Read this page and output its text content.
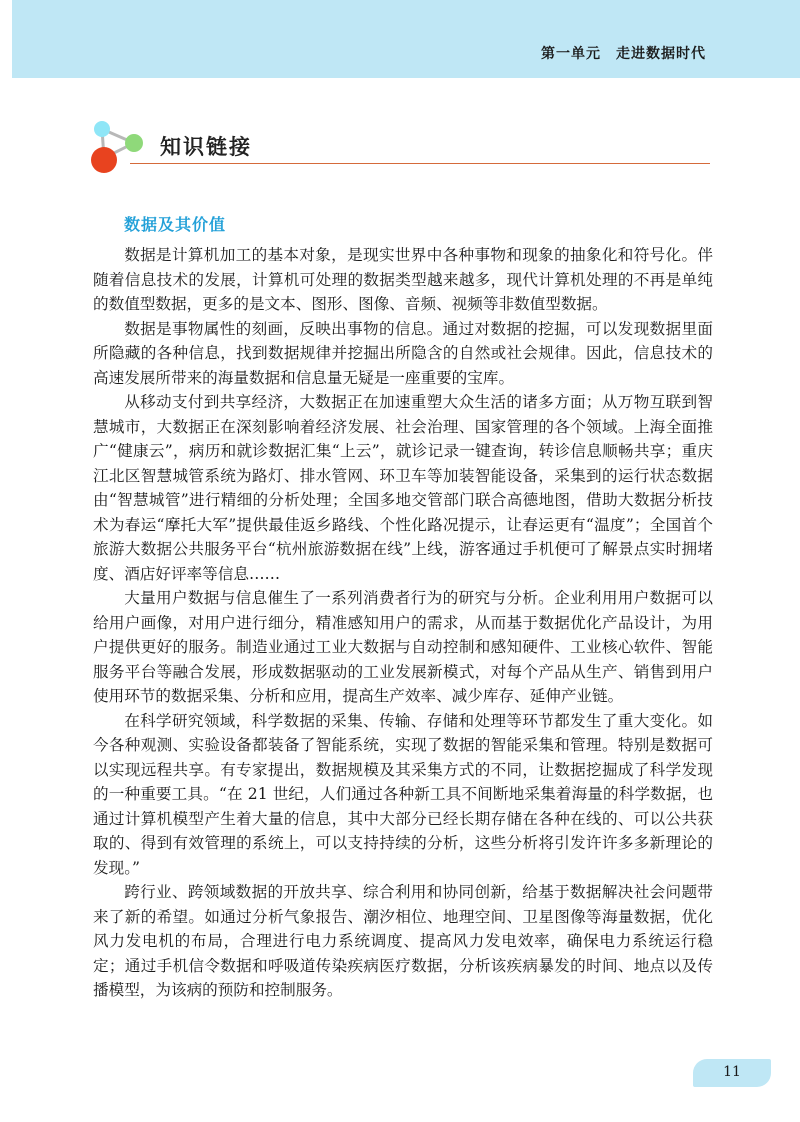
第一单元　走进数据时代
知识链接
数据及其价值

数据是计算机加工的基本对象，是现实世界中各种事物和现象的抽象化和符号化。伴随着信息技术的发展，计算机可处理的数据类型越来越多，现代计算机处理的不再是单纯的数值型数据，更多的是文本、图形、图像、音频、视频等非数值型数据。

数据是事物属性的刻画，反映出事物的信息。通过对数据的挖掘，可以发现数据里面所隐藏的各种信息，找到数据规律并挖掘出所隐含的自然或社会规律。因此，信息技术的高速发展所带来的海量数据和信息量无疑是一座重要的宝库。

从移动支付到共享经济，大数据正在加速重塑大众生活的诸多方面；从万物互联到智慧城市，大数据正在深刻影响着经济发展、社会治理、国家管理的各个领域。上海全面推广“健康云”，病历和就诊数据汇集“上云”，就诊记录一键查询，转诊信息顺畅共享；重庆江北区智慧城管系统为路灯、排水管网、环卫车等加装智能设备，采集到的运行状态数据由“智慧城管”进行精细的分析处理；全国多地交管部门联合高德地图，借助大数据分析技术为春运“摩托大军”提供最佳返乡路线、个性化路况提示，让春运更有“温度”；全国首个旅游大数据公共服务平台“杭州旅游数据在线”上线，游客通过手机便可了解景点实时拥堵度、酒店好评率等信息……

大量用户数据与信息催生了一系列消费者行为的研究与分析。企业利用用户数据可以给用户画像，对用户进行细分，精准感知用户的需求，从而基于数据优化产品设计，为用户提供更好的服务。制造业通过工业大数据与自动控制和感知硬件、工业核心软件、智能服务平台等融合发展，形成数据驱动的工业发展新模式，对每个产品从生产、销售到用户使用环节的数据采集、分析和应用，提高生产效率、减少库存、延伸产业链。

在科学研究领域，科学数据的采集、传输、存储和处理等环节都发生了重大变化。如今各种观测、实验设备都装备了智能系统，实现了数据的智能采集和管理。特别是数据可以实现远程共享。有专家提出，数据规模及其采集方式的不同，让数据挖掘成了科学发现的一种重要工具。“在 21 世纪，人们通过各种新工具不间断地采集着海量的科学数据，也通过计算机模型产生着大量的信息，其中大部分已经长期存储在各种在线的、可以公共获取的、得到有效管理的系统上，可以支持持续的分析，这些分析将引发许许多多新理论的发现。”

跨行业、跨领域数据的开放共享、综合利用和协同创新，给基于数据解决社会问题带来了新的希望。如通过分析气象报告、潮汐相位、地理空间、卫星图像等海量数据，优化风力发电机的布局，合理进行电力系统调度、提高风力发电效率，确保电力系统运行稳定；通过手机信令数据和呼吸道传染疾病医疗数据，分析该疾病暴发的时间、地点以及传播模型，为该病的预防和控制服务。

11
